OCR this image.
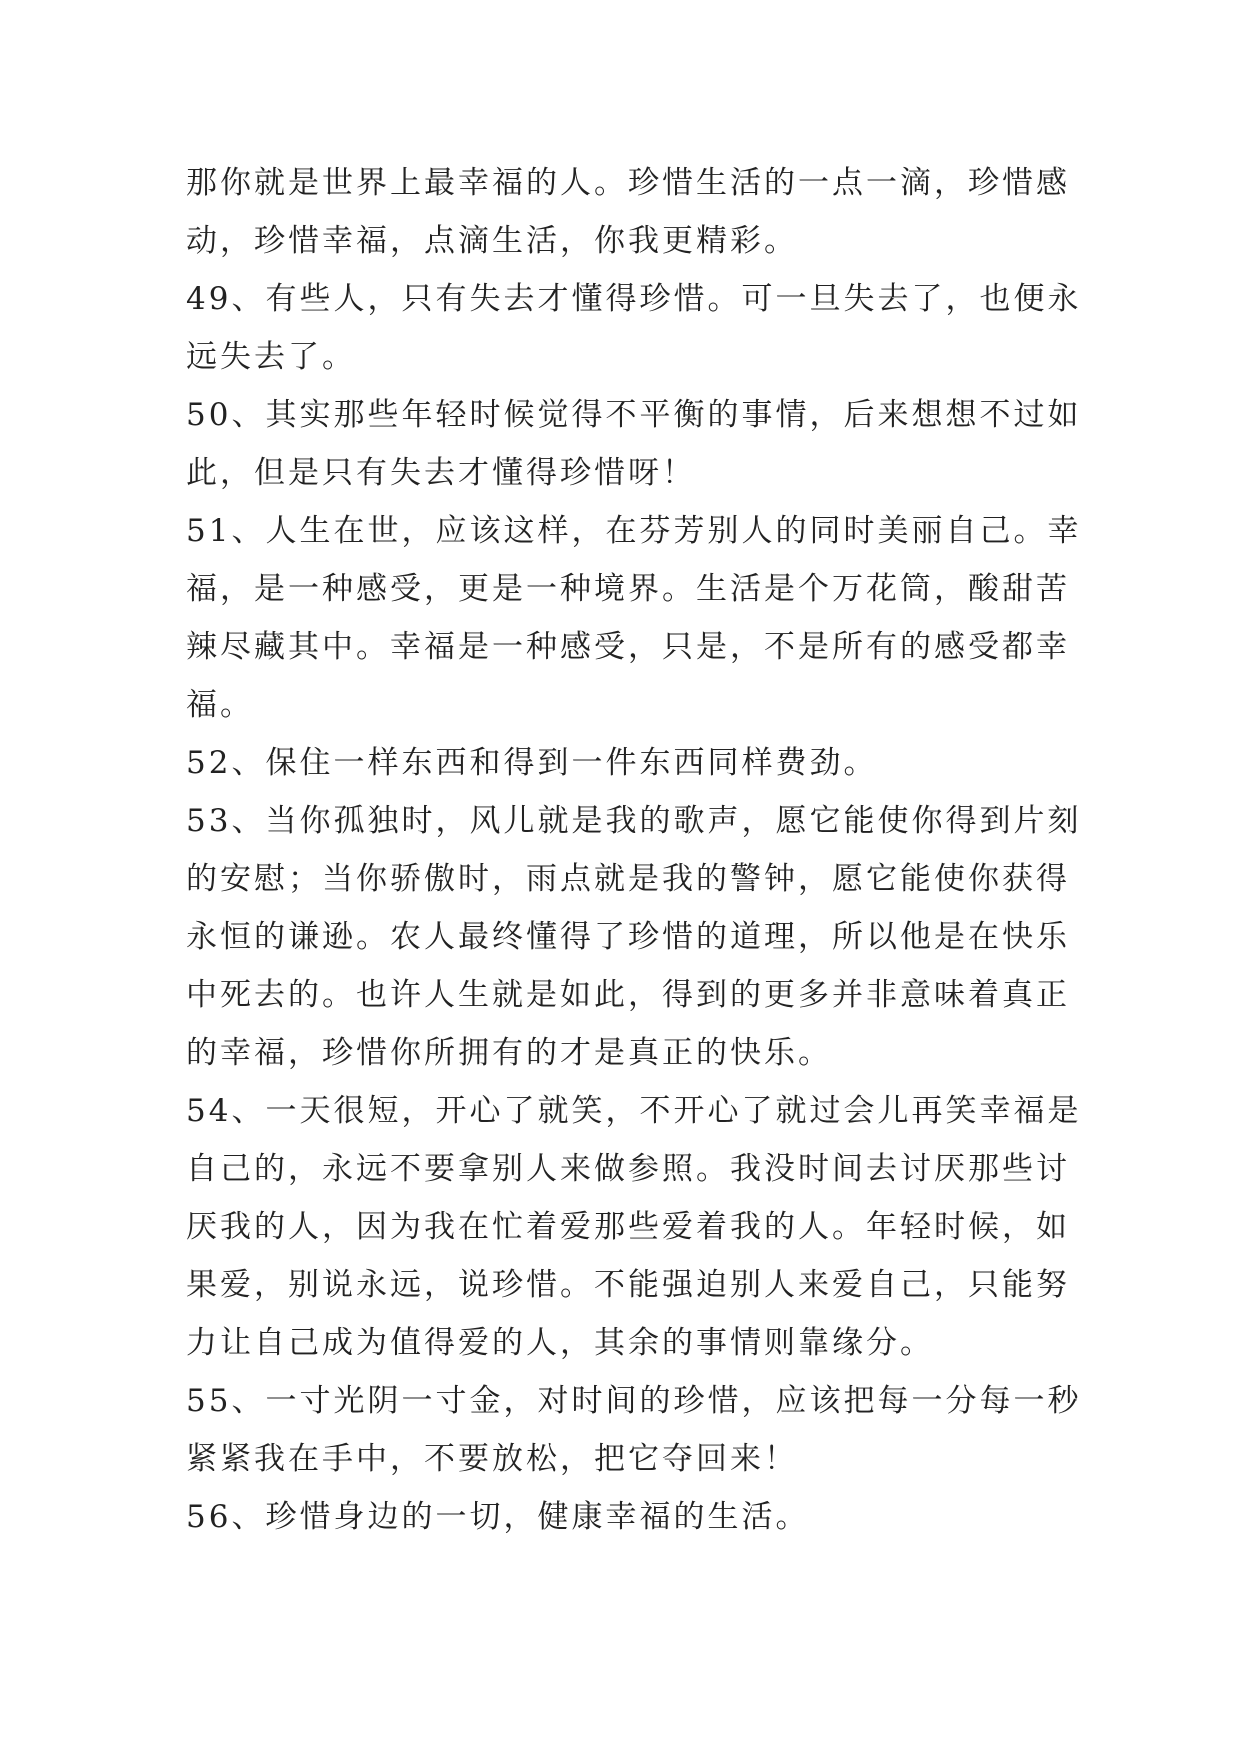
那你就是世界上最幸福的人。珍惜生活的一点一滴，珍惜感
动，珍惜幸福，点滴生活，你我更精彩。
49、有些人，只有失去才懂得珍惜。可一旦失去了，也便永
远失去了。
50、其实那些年轻时候觉得不平衡的事情，后来想想不过如
此，但是只有失去才懂得珍惜呀！
51、人生在世，应该这样，在芬芳别人的同时美丽自己。幸
福，是一种感受，更是一种境界。生活是个万花筒，酸甜苦
辣尽藏其中。幸福是一种感受，只是，不是所有的感受都幸
福。
52、保住一样东西和得到一件东西同样费劲。
53、当你孤独时，风儿就是我的歌声，愿它能使你得到片刻
的安慰；当你骄傲时，雨点就是我的警钟，愿它能使你获得
永恒的谦逊。农人最终懂得了珍惜的道理，所以他是在快乐
中死去的。也许人生就是如此，得到的更多并非意味着真正
的幸福，珍惜你所拥有的才是真正的快乐。
54、一天很短，开心了就笑，不开心了就过会儿再笑幸福是
自己的，永远不要拿别人来做参照。我没时间去讨厌那些讨
厌我的人，因为我在忙着爱那些爱着我的人。年轻时候，如
果爱，别说永远，说珍惜。不能强迫别人来爱自己，只能努
力让自己成为值得爱的人，其余的事情则靠缘分。
55、一寸光阴一寸金，对时间的珍惜，应该把每一分每一秒
紧紧我在手中，不要放松，把它夺回来！
56、珍惜身边的一切，健康幸福的生活。
